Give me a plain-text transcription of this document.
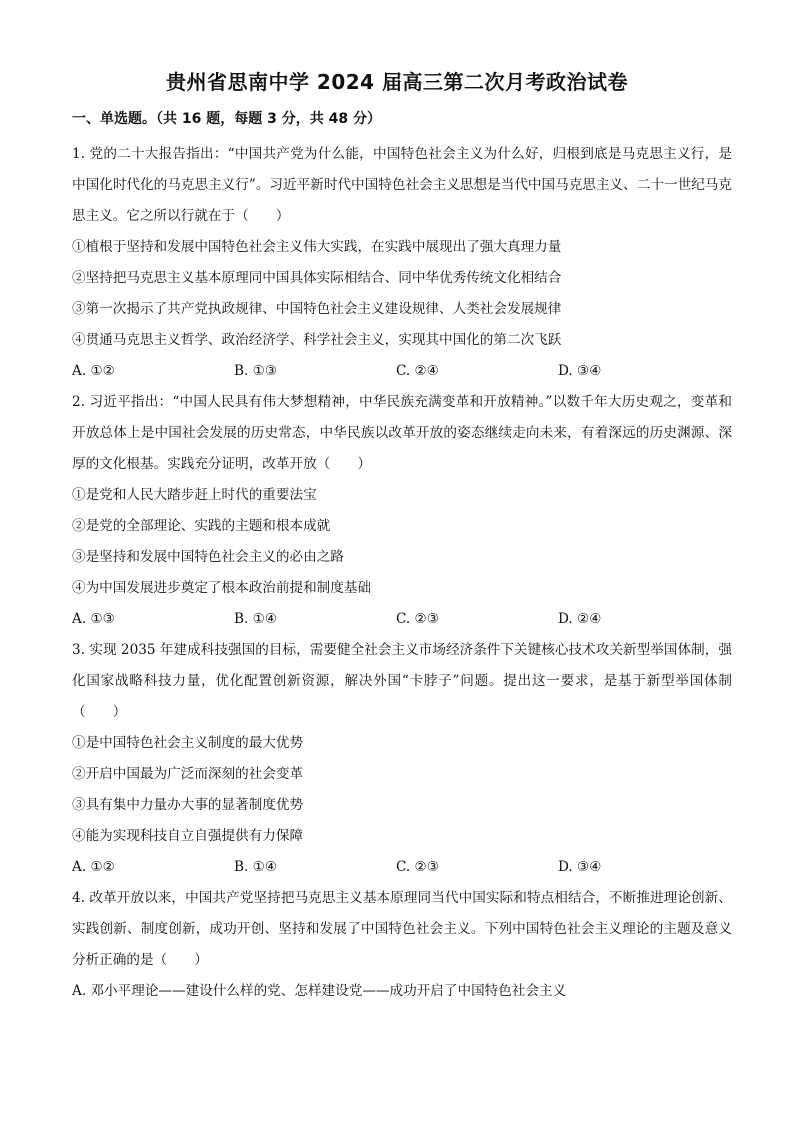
贵州省思南中学 2024 届高三第二次月考政治试卷
一、单选题。（共 16 题，每题 3 分，共 48 分）

1. 党的二十大报告指出：“中国共产党为什么能，中国特色社会主义为什么好，归根到底是马克思主义行，是中国化时代化的马克思主义行”。习近平新时代中国特色社会主义思想是当代中国马克思主义、二十一世纪马克思主义。它之所以行就在于（　　）

①植根于坚持和发展中国特色社会主义伟大实践，在实践中展现出了强大真理力量

②坚持把马克思主义基本原理同中国具体实际相结合、同中华优秀传统文化相结合

③第一次揭示了共产党执政规律、中国特色社会主义建设规律、人类社会发展规律

④贯通马克思主义哲学、政治经济学、科学社会主义，实现其中国化的第二次飞跃

A. ①②	B. ①③	C. ②④	D. ③④

2. 习近平指出：“中国人民具有伟大梦想精神，中华民族充满变革和开放精神。”以数千年大历史观之，变革和开放总体上是中国社会发展的历史常态，中华民族以改革开放的姿态继续走向未来，有着深远的历史渊源、深厚的文化根基。实践充分证明，改革开放（　　）

①是党和人民大踏步赶上时代的重要法宝

②是党的全部理论、实践的主题和根本成就

③是坚持和发展中国特色社会主义的必由之路

④为中国发展进步奠定了根本政治前提和制度基础

A. ①③	B. ①④	C. ②③	D. ②④

3. 实现 2035 年建成科技强国的目标，需要健全社会主义市场经济条件下关键核心技术攻关新型举国体制，强化国家战略科技力量，优化配置创新资源，解决外国“卡脖子”问题。提出这一要求，是基于新型举国体制（　　）

①是中国特色社会主义制度的最大优势

②开启中国最为广泛而深刻的社会变革

③具有集中力量办大事的显著制度优势

④能为实现科技自立自强提供有力保障

A. ①②	B. ①④	C. ②③	D. ③④

4. 改革开放以来，中国共产党坚持把马克思主义基本原理同当代中国实际和特点相结合，不断推进理论创新、实践创新、制度创新，成功开创、坚持和发展了中国特色社会主义。下列中国特色社会主义理论的主题及意义分析正确的是（　　）

A. 邓小平理论——建设什么样的党、怎样建设党——成功开启了中国特色社会主义
